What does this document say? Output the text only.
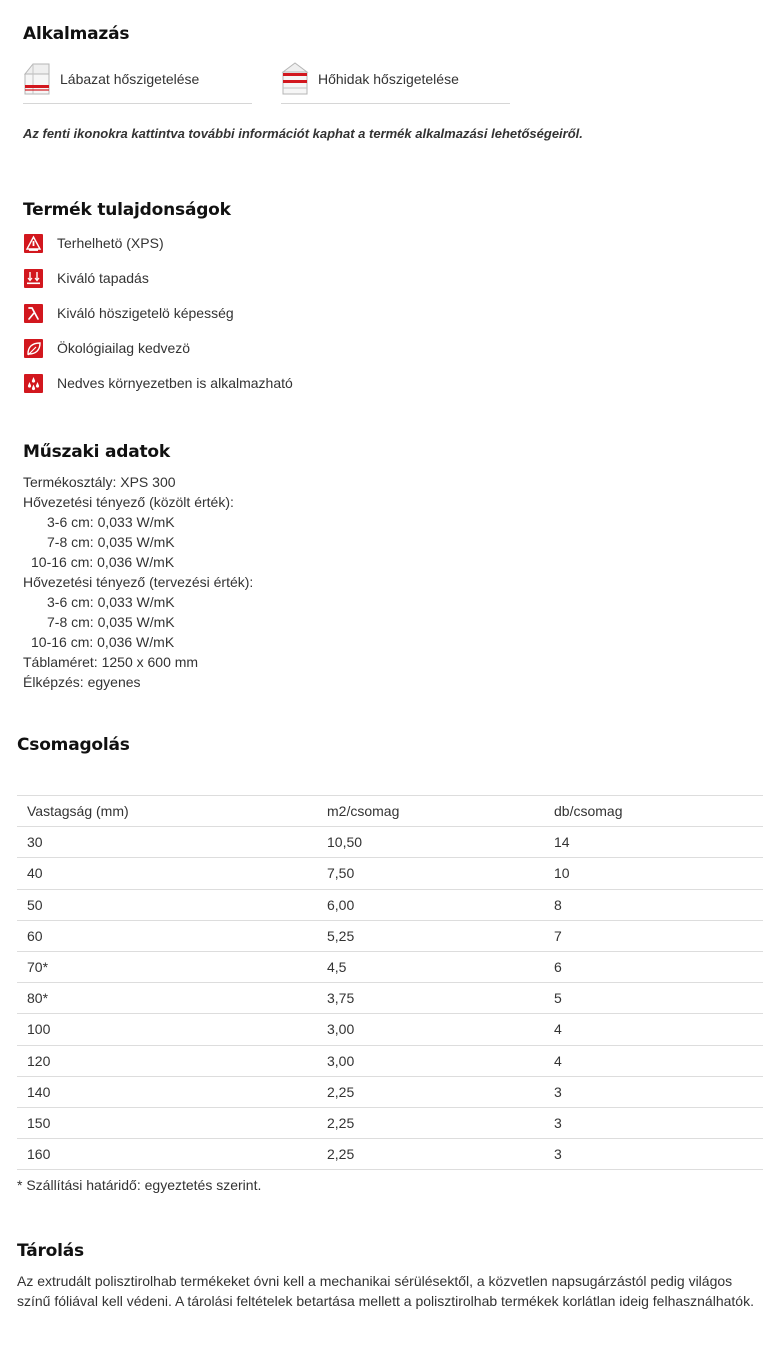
Alkalmazás
Lábazat hőszigetelése	Hőhidak hőszigetelése
Az fenti ikonokra kattintva további információt kaphat a termék alkalmazási lehetőségeiről.
Termék tulajdonságok
Terhelhetö (XPS)
Kiváló tapadás
Kiváló höszigetelö képesség
Ökológiailag kedvezö
Nedves környezetben is alkalmazható
Műszaki adatok
Termékosztály: XPS 300
Hővezetési tényező (közölt érték):
3-6 cm: 0,033 W/mK
7-8 cm: 0,035 W/mK
10-16 cm: 0,036 W/mK
Hővezetési tényező (tervezési érték):
3-6 cm: 0,033 W/mK
7-8 cm: 0,035 W/mK
10-16 cm: 0,036 W/mK
Táblaméret: 1250 x 600 mm
Élképzés: egyenes
Csomagolás
Vastagság (mm)	m2/csomag	db/csomag
30	10,50	14
40	7,50	10
50	6,00	8
60	5,25	7
70*	4,5	6
80*	3,75	5
100	3,00	4
120	3,00	4
140	2,25	3
150	2,25	3
160	2,25	3
* Szállítási határidő: egyeztetés szerint.
Tárolás

Az extrudált polisztirolhab termékeket óvni kell a mechanikai sérülésektől, a közvetlen napsugárzástól pedig világos színű fóliával kell védeni. A tárolási feltételek betartása mellett a polisztirolhab termékek korlátlan ideig felhasználhatók.
